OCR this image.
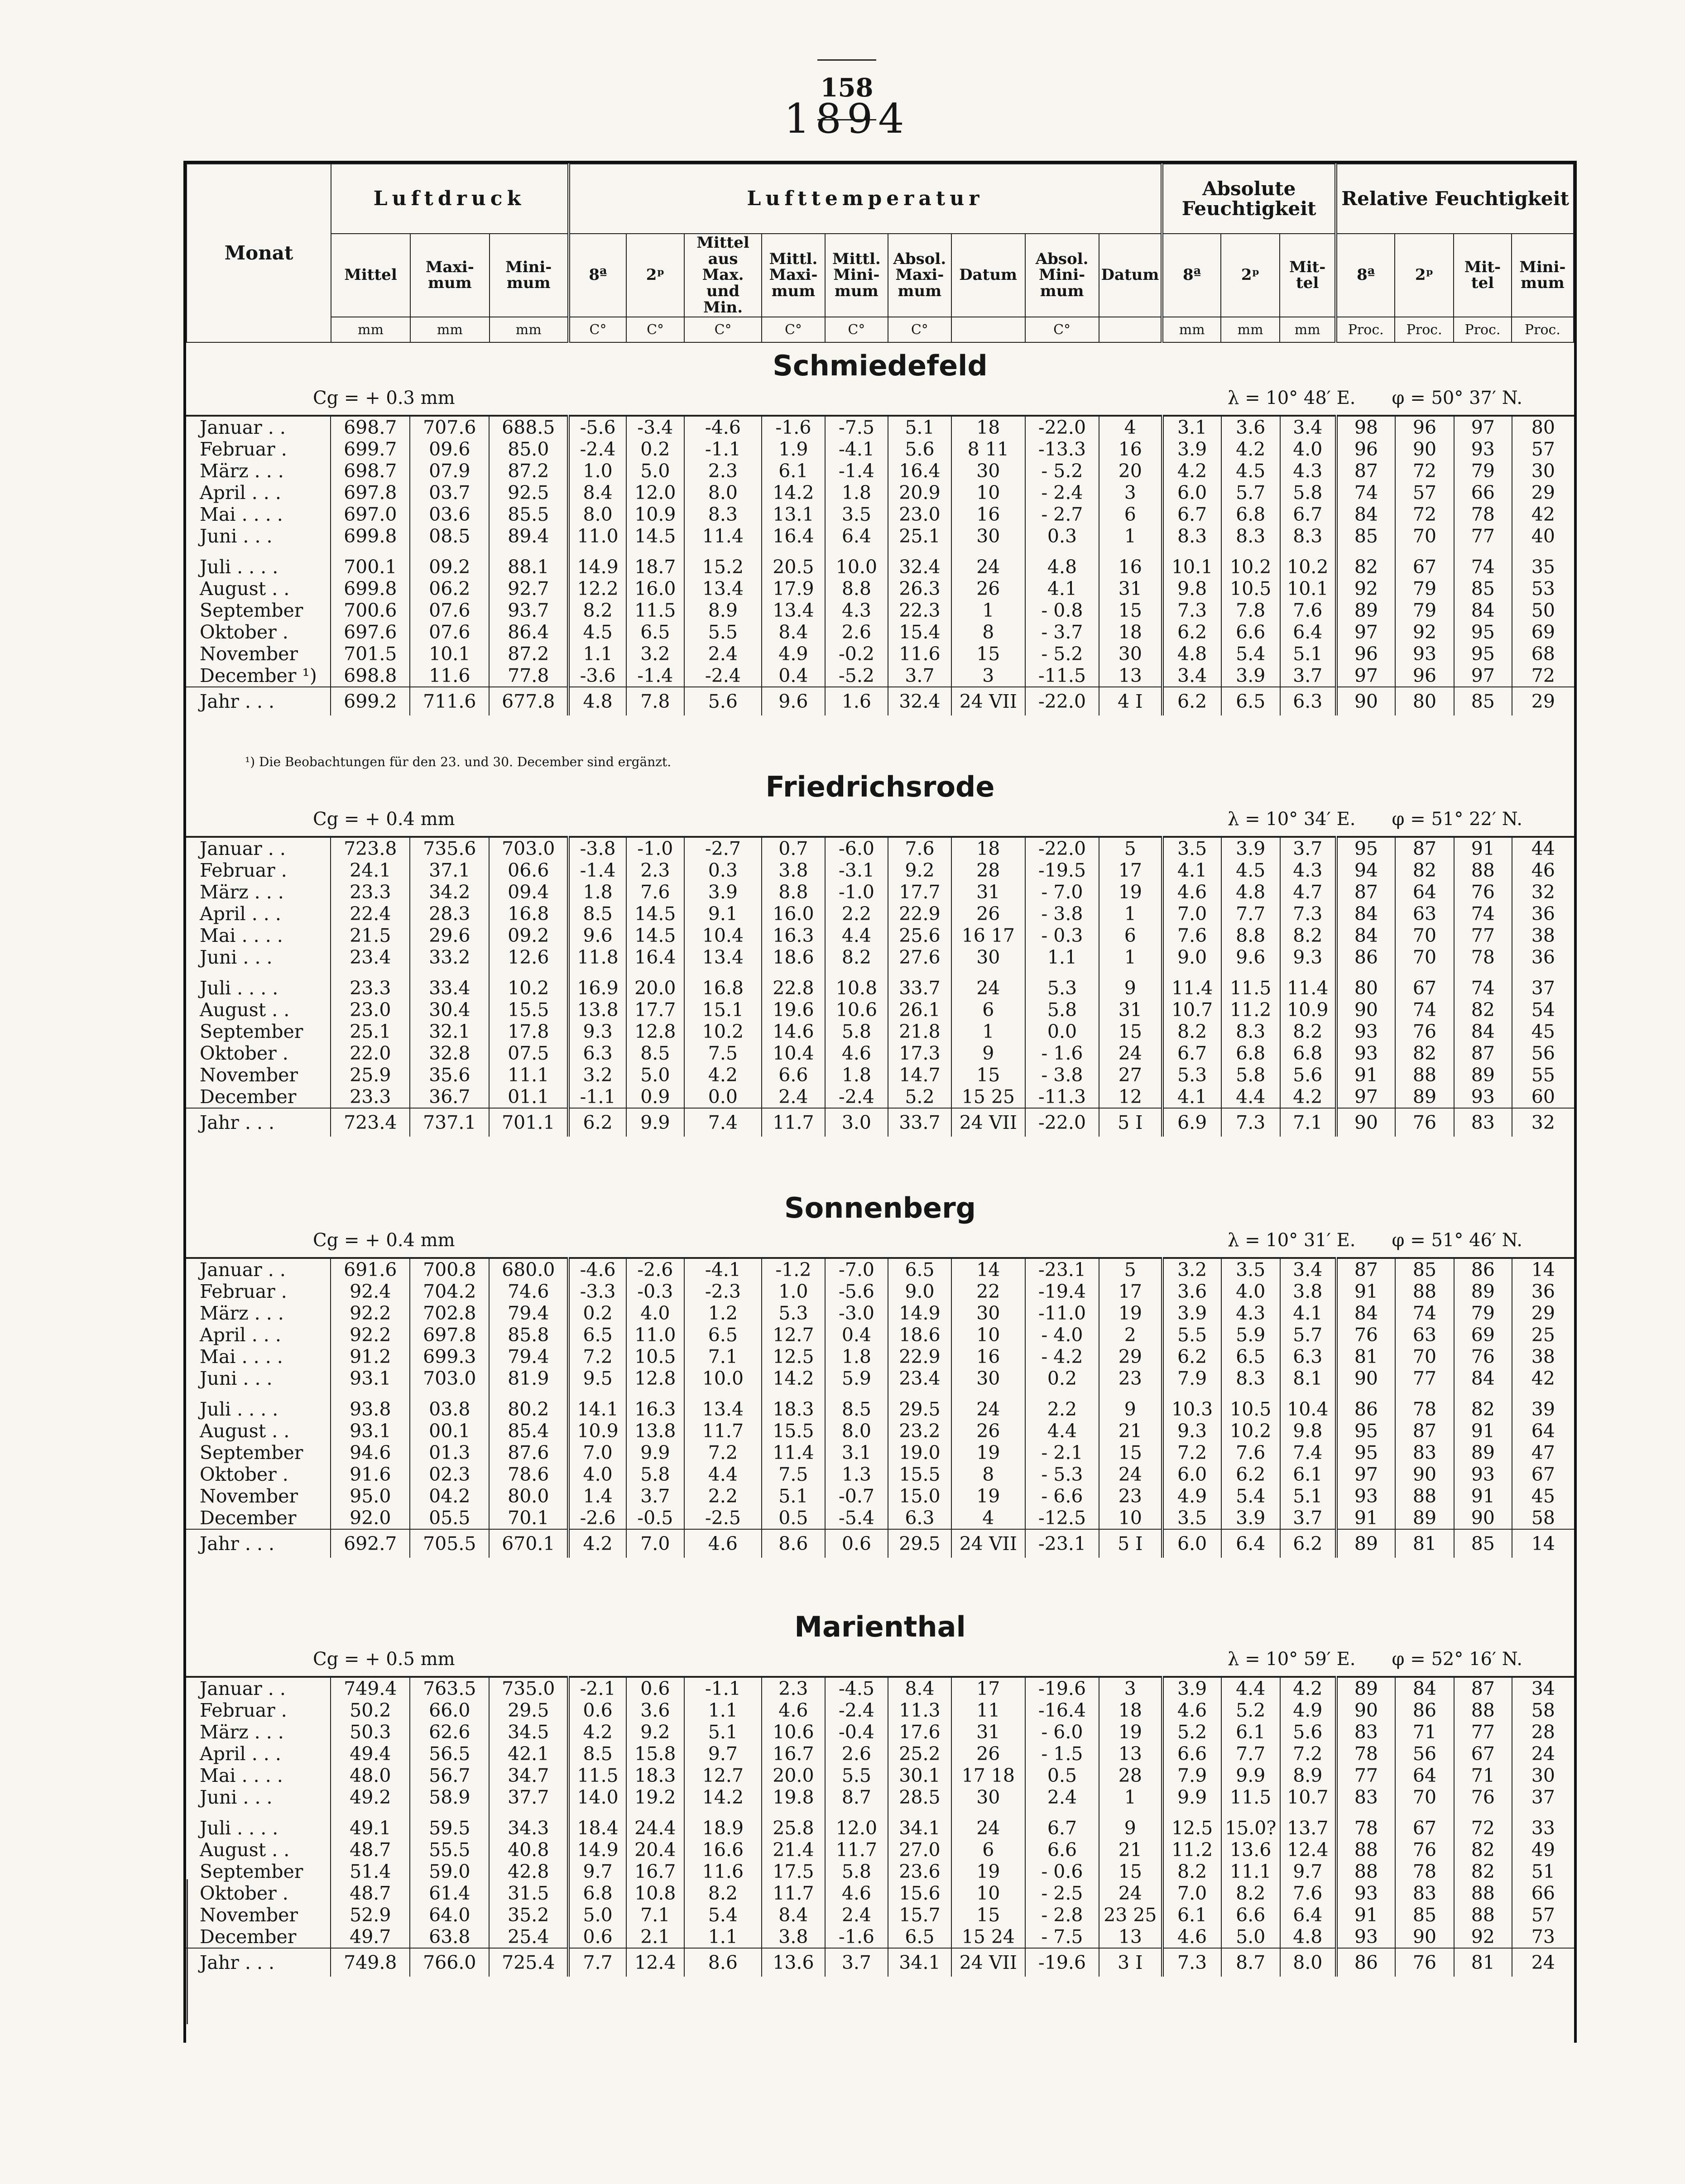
158
1894
Monat	Luftdruck			Lufttemperatur									Absolute Feuchtigkeit			Relative Feuchtigkeit			
	Mittel	Maxi-mum	Mini-mum	8ª	2ᵖ	Mittel aus Max. und Min.	Mittl. Maxi-mum	Mittl. Mini-mum	Absol. Maxi-mum	Datum	Absol. Mini-mum	Datum	8ª	2ᵖ	Mit-tel	8ª	2ᵖ	Mit-tel	Mini-mum
	mm	mm	mm	C°	C°	C°	C°	C°	C°		C°		mm	mm	mm	Proc.	Proc.	Proc.	Proc.
Schmiedefeld
Cg = + 0.3 mm	λ = 10° 48′ E.   φ = 50° 37′ N.
Januar . .	698.7	707.6	688.5	-5.6	-3.4	-4.6	-1.6	-7.5	5.1	18	-22.0	4	3.1	3.6	3.4	98	96	97	80
Februar .	699.7	09.6	85.0	-2.4	0.2	-1.1	1.9	-4.1	5.6	8 11	-13.3	16	3.9	4.2	4.0	96	90	93	57
März . . .	698.7	07.9	87.2	1.0	5.0	2.3	6.1	-1.4	16.4	30	- 5.2	20	4.2	4.5	4.3	87	72	79	30
April . . .	697.8	03.7	92.5	8.4	12.0	8.0	14.2	1.8	20.9	10	- 2.4	3	6.0	5.7	5.8	74	57	66	29
Mai . . . .	697.0	03.6	85.5	8.0	10.9	8.3	13.1	3.5	23.0	16	- 2.7	6	6.7	6.8	6.7	84	72	78	42
Juni . . .	699.8	08.5	89.4	11.0	14.5	11.4	16.4	6.4	25.1	30	0.3	1	8.3	8.3	8.3	85	70	77	40

Juli . . . .	700.1	09.2	88.1	14.9	18.7	15.2	20.5	10.0	32.4	24	4.8	16	10.1	10.2	10.2	82	67	74	35
August . .	699.8	06.2	92.7	12.2	16.0	13.4	17.9	8.8	26.3	26	4.1	31	9.8	10.5	10.1	92	79	85	53
September	700.6	07.6	93.7	8.2	11.5	8.9	13.4	4.3	22.3	1	- 0.8	15	7.3	7.8	7.6	89	79	84	50
Oktober .	697.6	07.6	86.4	4.5	6.5	5.5	8.4	2.6	15.4	8	- 3.7	18	6.2	6.6	6.4	97	92	95	69
November	701.5	10.1	87.2	1.1	3.2	2.4	4.9	-0.2	11.6	15	- 5.2	30	4.8	5.4	5.1	96	93	95	68
December ¹)	698.8	11.6	77.8	-3.6	-1.4	-2.4	0.4	-5.2	3.7	3	-11.5	13	3.4	3.9	3.7	97	96	97	72
Jahr . . .	699.2	711.6	677.8	4.8	7.8	5.6	9.6	1.6	32.4	24 VII	-22.0	4 I	6.2	6.5	6.3	90	80	85	29
¹) Die Beobachtungen für den 23. und 30. December sind ergänzt.
Friedrichsrode
Cg = + 0.4 mm	λ = 10° 34′ E.   φ = 51° 22′ N.
Januar . .	723.8	735.6	703.0	-3.8	-1.0	-2.7	0.7	-6.0	7.6	18	-22.0	5	3.5	3.9	3.7	95	87	91	44
Februar .	24.1	37.1	06.6	-1.4	2.3	0.3	3.8	-3.1	9.2	28	-19.5	17	4.1	4.5	4.3	94	82	88	46
März . . .	23.3	34.2	09.4	1.8	7.6	3.9	8.8	-1.0	17.7	31	- 7.0	19	4.6	4.8	4.7	87	64	76	32
April . . .	22.4	28.3	16.8	8.5	14.5	9.1	16.0	2.2	22.9	26	- 3.8	1	7.0	7.7	7.3	84	63	74	36
Mai . . . .	21.5	29.6	09.2	9.6	14.5	10.4	16.3	4.4	25.6	16 17	- 0.3	6	7.6	8.8	8.2	84	70	77	38
Juni . . .	23.4	33.2	12.6	11.8	16.4	13.4	18.6	8.2	27.6	30	1.1	1	9.0	9.6	9.3	86	70	78	36

Juli . . . .	23.3	33.4	10.2	16.9	20.0	16.8	22.8	10.8	33.7	24	5.3	9	11.4	11.5	11.4	80	67	74	37
August . .	23.0	30.4	15.5	13.8	17.7	15.1	19.6	10.6	26.1	6	5.8	31	10.7	11.2	10.9	90	74	82	54
September	25.1	32.1	17.8	9.3	12.8	10.2	14.6	5.8	21.8	1	0.0	15	8.2	8.3	8.2	93	76	84	45
Oktober .	22.0	32.8	07.5	6.3	8.5	7.5	10.4	4.6	17.3	9	- 1.6	24	6.7	6.8	6.8	93	82	87	56
November	25.9	35.6	11.1	3.2	5.0	4.2	6.6	1.8	14.7	15	- 3.8	27	5.3	5.8	5.6	91	88	89	55
December	23.3	36.7	01.1	-1.1	0.9	0.0	2.4	-2.4	5.2	15 25	-11.3	12	4.1	4.4	4.2	97	89	93	60
Jahr . . .	723.4	737.1	701.1	6.2	9.9	7.4	11.7	3.0	33.7	24 VII	-22.0	5 I	6.9	7.3	7.1	90	76	83	32
Sonnenberg
Cg = + 0.4 mm	λ = 10° 31′ E.   φ = 51° 46′ N.
Januar . .	691.6	700.8	680.0	-4.6	-2.6	-4.1	-1.2	-7.0	6.5	14	-23.1	5	3.2	3.5	3.4	87	85	86	14
Februar .	92.4	704.2	74.6	-3.3	-0.3	-2.3	1.0	-5.6	9.0	22	-19.4	17	3.6	4.0	3.8	91	88	89	36
März . . .	92.2	702.8	79.4	0.2	4.0	1.2	5.3	-3.0	14.9	30	-11.0	19	3.9	4.3	4.1	84	74	79	29
April . . .	92.2	697.8	85.8	6.5	11.0	6.5	12.7	0.4	18.6	10	- 4.0	2	5.5	5.9	5.7	76	63	69	25
Mai . . . .	91.2	699.3	79.4	7.2	10.5	7.1	12.5	1.8	22.9	16	- 4.2	29	6.2	6.5	6.3	81	70	76	38
Juni . . .	93.1	703.0	81.9	9.5	12.8	10.0	14.2	5.9	23.4	30	0.2	23	7.9	8.3	8.1	90	77	84	42

Juli . . . .	93.8	03.8	80.2	14.1	16.3	13.4	18.3	8.5	29.5	24	2.2	9	10.3	10.5	10.4	86	78	82	39
August . .	93.1	00.1	85.4	10.9	13.8	11.7	15.5	8.0	23.2	26	4.4	21	9.3	10.2	9.8	95	87	91	64
September	94.6	01.3	87.6	7.0	9.9	7.2	11.4	3.1	19.0	19	- 2.1	15	7.2	7.6	7.4	95	83	89	47
Oktober .	91.6	02.3	78.6	4.0	5.8	4.4	7.5	1.3	15.5	8	- 5.3	24	6.0	6.2	6.1	97	90	93	67
November	95.0	04.2	80.0	1.4	3.7	2.2	5.1	-0.7	15.0	19	- 6.6	23	4.9	5.4	5.1	93	88	91	45
December	92.0	05.5	70.1	-2.6	-0.5	-2.5	0.5	-5.4	6.3	4	-12.5	10	3.5	3.9	3.7	91	89	90	58
Jahr . . .	692.7	705.5	670.1	4.2	7.0	4.6	8.6	0.6	29.5	24 VII	-23.1	5 I	6.0	6.4	6.2	89	81	85	14
Marienthal
Cg = + 0.5 mm	λ = 10° 59′ E.   φ = 52° 16′ N.
Januar . .	749.4	763.5	735.0	-2.1	0.6	-1.1	2.3	-4.5	8.4	17	-19.6	3	3.9	4.4	4.2	89	84	87	34
Februar .	50.2	66.0	29.5	0.6	3.6	1.1	4.6	-2.4	11.3	11	-16.4	18	4.6	5.2	4.9	90	86	88	58
März . . .	50.3	62.6	34.5	4.2	9.2	5.1	10.6	-0.4	17.6	31	- 6.0	19	5.2	6.1	5.6	83	71	77	28
April . . .	49.4	56.5	42.1	8.5	15.8	9.7	16.7	2.6	25.2	26	- 1.5	13	6.6	7.7	7.2	78	56	67	24
Mai . . . .	48.0	56.7	34.7	11.5	18.3	12.7	20.0	5.5	30.1	17 18	0.5	28	7.9	9.9	8.9	77	64	71	30
Juni . . .	49.2	58.9	37.7	14.0	19.2	14.2	19.8	8.7	28.5	30	2.4	1	9.9	11.5	10.7	83	70	76	37

Juli . . . .	49.1	59.5	34.3	18.4	24.4	18.9	25.8	12.0	34.1	24	6.7	9	12.5	15.0?	13.7	78	67	72	33
August . .	48.7	55.5	40.8	14.9	20.4	16.6	21.4	11.7	27.0	6	6.6	21	11.2	13.6	12.4	88	76	82	49
September	51.4	59.0	42.8	9.7	16.7	11.6	17.5	5.8	23.6	19	- 0.6	15	8.2	11.1	9.7	88	78	82	51
Oktober .	48.7	61.4	31.5	6.8	10.8	8.2	11.7	4.6	15.6	10	- 2.5	24	7.0	8.2	7.6	93	83	88	66
November	52.9	64.0	35.2	5.0	7.1	5.4	8.4	2.4	15.7	15	- 2.8	23 25	6.1	6.6	6.4	91	85	88	57
December	49.7	63.8	25.4	0.6	2.1	1.1	3.8	-1.6	6.5	15 24	- 7.5	13	4.6	5.0	4.8	93	90	92	73
Jahr . . .	749.8	766.0	725.4	7.7	12.4	8.6	13.6	3.7	34.1	24 VII	-19.6	3 I	7.3	8.7	8.0	86	76	81	24
